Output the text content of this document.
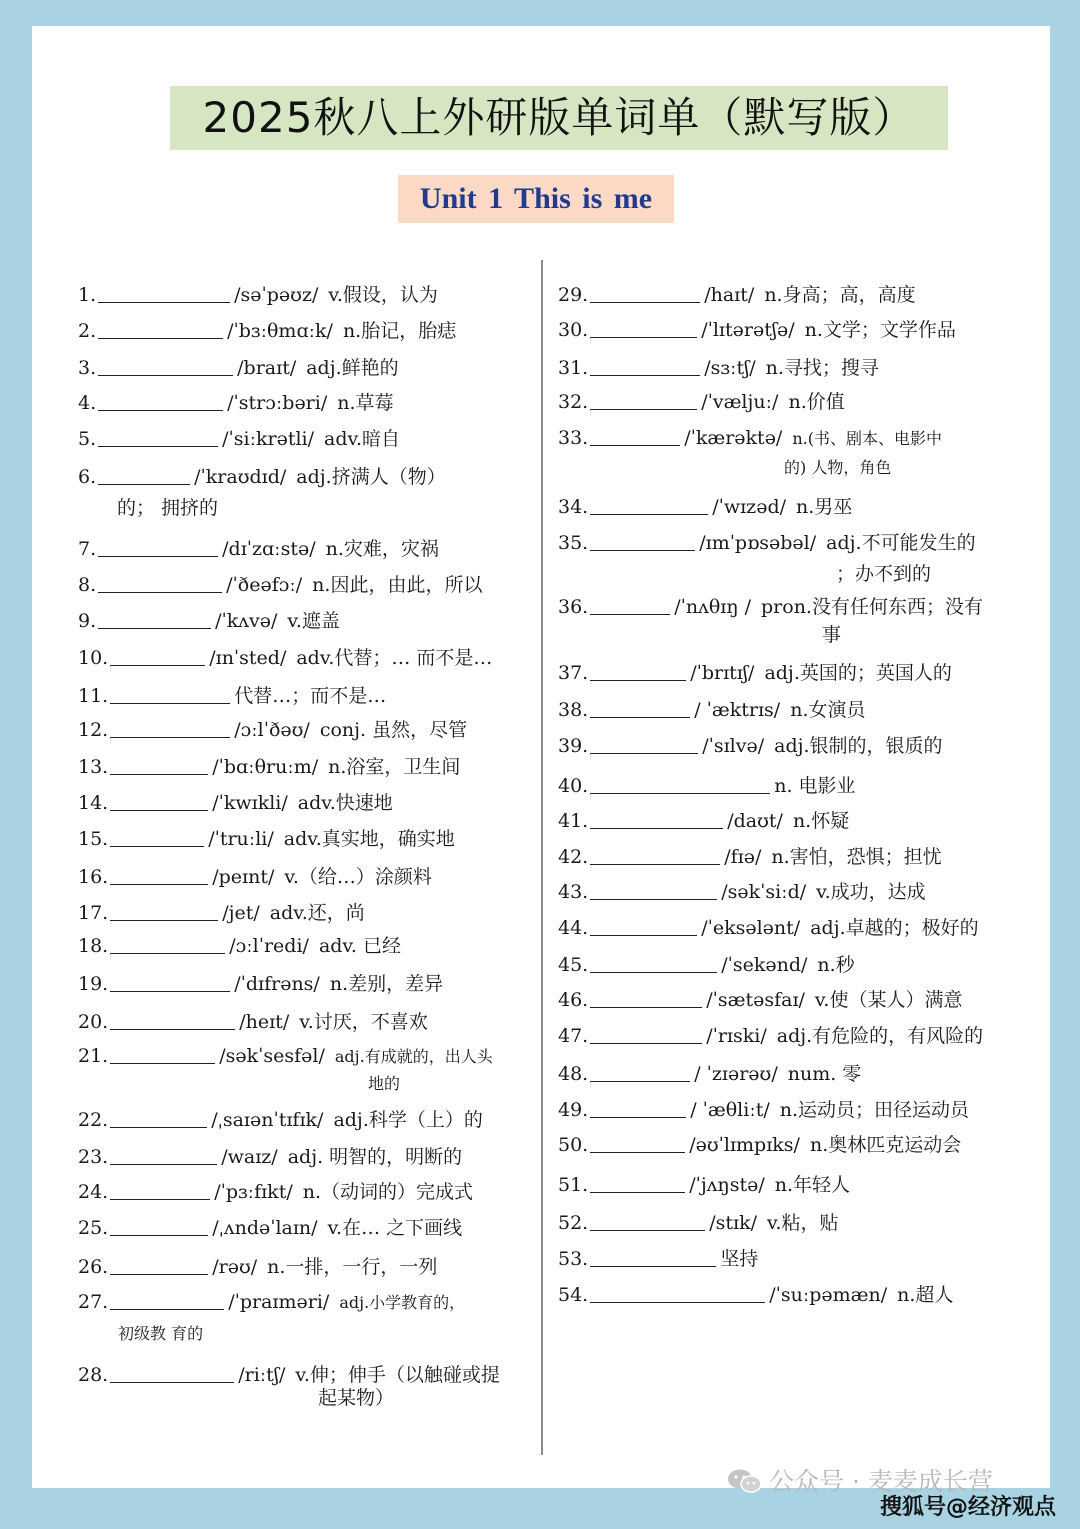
2025秋八上外研版单词单（默写版）
Unit 1 This is me
1.	/səˈpəʊz/ v.假设，认为
2.	/ˈbɜːθmɑːk/ n.胎记，胎痣
3.	/braɪt/ adj.鲜艳的
4.	/ˈstrɔːbəri/ n.草莓
5.	/ˈsiːkrətli/ adv.暗自
6.	/ˈkraʊdɪd/ adj.挤满人（物）
的； 拥挤的
7.	/dɪˈzɑːstə/ n.灾难，灾祸
8.	/ˈðeəfɔː/ n.因此，由此，所以
9.	/ˈkʌvə/ v.遮盖
10.	/ɪnˈsted/ adv.代替；… 而不是…
11.	代替…；而不是…
12.	/ɔːlˈðəʊ/ conj. 虽然，尽管
13.	/ˈbɑːθruːm/ n.浴室，卫生间
14.	/ˈkwɪkli/ adv.快速地
15.	/ˈtruːli/ adv.真实地，确实地
16.	/peɪnt/ v.（给…）涂颜料
17.	/jet/ adv.还，尚
18.	/ɔːlˈredi/ adv. 已经
19.	/ˈdɪfrəns/ n.差别，差异
20.	/heɪt/ v.讨厌，不喜欢
21.	/səkˈsesfəl/ adj.有成就的，出人头
地的
22.	/ˌsaɪənˈtɪfɪk/ adj.科学（上）的
23.	/waɪz/ adj. 明智的，明断的
24.	/ˈpɜːfɪkt/ n.（动词的）完成式
25.	/ˌʌndəˈlaɪn/ v.在… 之下画线
26.	/rəʊ/ n.一排，一行，一列
27.	/ˈpraɪməri/ adj.小学教育的，
初级教 育的
28.	/riːtʃ/ v.伸；伸手（以触碰或提
起某物）
29.	/haɪt/ n.身高；高，高度
30.	/ˈlɪtərətʃə/ n.文学；文学作品
31.	/sɜːtʃ/ n.寻找；搜寻
32.	/ˈvæljuː/ n.价值
33.	/ˈkærəktə/ n.(书、剧本、电影中
的) 人物，角色
34.	/ˈwɪzəd/ n.男巫
35.	/ɪmˈpɒsəbəl/ adj.不可能发生的
；办不到的
36.	/ˈnʌθɪŋ / pron.没有任何东西；没有
事
37.	/ˈbrɪtɪʃ/ adj.英国的；英国人的
38.	/ ˈæktrɪs/ n.女演员
39.	/ˈsɪlvə/ adj.银制的，银质的
40.	n. 电影业
41.	/daʊt/ n.怀疑
42.	/fɪə/ n.害怕，恐惧；担忧
43.	/səkˈsiːd/ v.成功，达成
44.	/ˈeksələnt/ adj.卓越的；极好的
45.	/ˈsekənd/ n.秒
46.	/ˈsætəsfaɪ/ v.使（某人）满意
47.	/ˈrɪski/ adj.有危险的，有风险的
48.	/ ˈzɪərəʊ/ num. 零
49.	/ ˈæθliːt/ n.运动员；田径运动员
50.	/əʊˈlɪmpɪks/ n.奥林匹克运动会
51.	/ˈjʌŋstə/ n.年轻人
52.	/stɪk/ v.粘，贴
53.	坚持
54.	/ˈsuːpəmæn/ n.超人
公众号 · 麦麦成长营
搜狐号@经济观点
